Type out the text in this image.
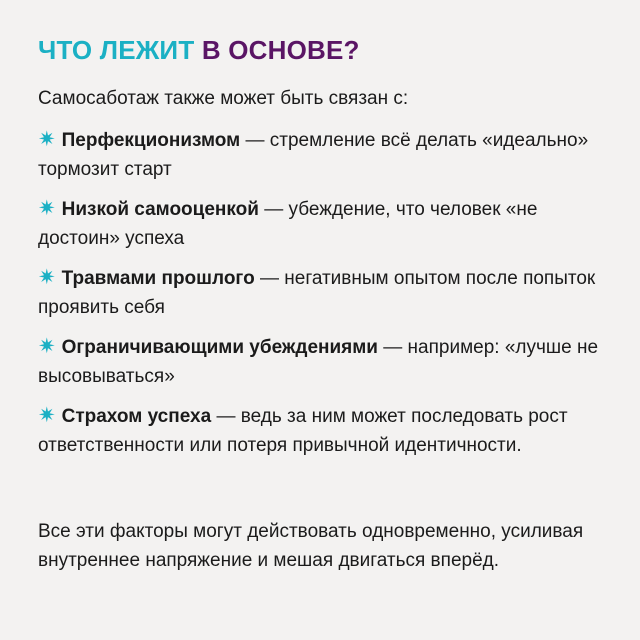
ЧТО ЛЕЖИТ В ОСНОВЕ?

Самосаботаж также может быть связан с:

✷ Перфекционизмом — стремление всё делать «идеально» тормозит старт
✷ Низкой самооценкой — убеждение, что человек «не достоин» успеха
✷ Травмами прошлого — негативным опытом после попыток проявить себя
✷ Ограничивающими убеждениями — например: «лучше не высовываться»
✷ Страхом успеха — ведь за ним может последовать рост ответственности или потеря привычной идентичности.

Все эти факторы могут действовать одновременно, усиливая внутреннее напряжение и мешая двигаться вперёд.
